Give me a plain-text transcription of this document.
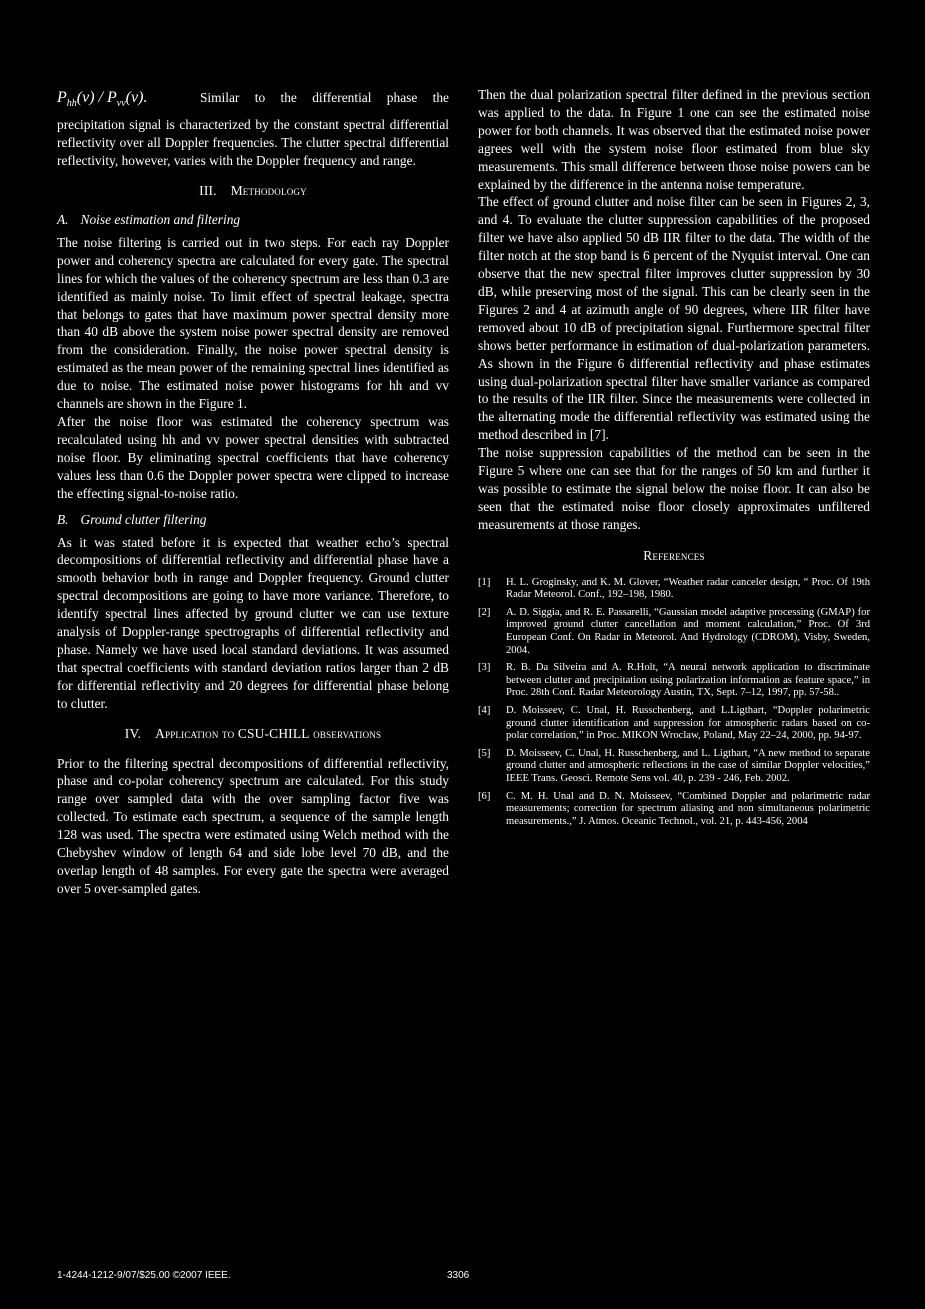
$P_{hh}(v) / P_{vv}(v)$.	Similar to the differential phase the

precipitation signal is characterized by the constant spectral differential reflectivity over all Doppler frequencies. The clutter spectral differential reflectivity, however, varies with the Doppler frequency and range.

III. Methodology
A. Noise estimation and filtering

The noise filtering is carried out in two steps. For each ray Doppler power and coherency spectra are calculated for every gate. The spectral lines for which the values of the coherency spectrum are less than 0.3 are identified as mainly noise. To limit effect of spectral leakage, spectra that belongs to gates that have maximum power spectral density more than 40 dB above the system noise power spectral density are removed from the consideration. Finally, the noise power spectral density is estimated as the mean power of the remaining spectral lines identified as due to noise. The estimated noise power histograms for hh and vv channels are shown in the Figure 1.

After the noise floor was estimated the coherency spectrum was recalculated using hh and vv power spectral densities with subtracted noise floor. By eliminating spectral coefficients that have coherency values less than 0.6 the Doppler power spectra were clipped to increase the effecting signal-to-noise ratio.

B. Ground clutter filtering

As it was stated before it is expected that weather echo’s spectral decompositions of differential reflectivity and differential phase have a smooth behavior both in range and Doppler frequency. Ground clutter spectral decompositions are going to have more variance. Therefore, to identify spectral lines affected by ground clutter we can use texture analysis of Doppler-range spectrographs of differential reflectivity and phase. Namely we have used local standard deviations. It was assumed that spectral coefficients with standard deviation ratios larger than 2 dB for differential reflectivity and 20 degrees for differential phase belong to clutter.

IV. Application to CSU-CHILL observations

Prior to the filtering spectral decompositions of differential reflectivity, phase and co-polar coherency spectrum are calculated. For this study range over sampled data with the over sampling factor five was collected. To estimate each spectrum, a sequence of the sample length 128 was used. The spectra were estimated using Welch method with the Chebyshev window of length 64 and side lobe level 70 dB, and the overlap length of 48 samples. For every gate the spectra were averaged over 5 over-sampled gates.

Then the dual polarization spectral filter defined in the previous section was applied to the data. In Figure 1 one can see the estimated noise power for both channels. It was observed that the estimated noise power agrees well with the system noise floor estimated from blue sky measurements. This small difference between those noise powers can be explained by the difference in the antenna noise temperature.

The effect of ground clutter and noise filter can be seen in Figures 2, 3, and 4. To evaluate the clutter suppression capabilities of the proposed filter we have also applied 50 dB IIR filter to the data. The width of the filter notch at the stop band is 6 percent of the Nyquist interval. One can observe that the new spectral filter improves clutter suppression by 30 dB, while preserving most of the signal. This can be clearly seen in the Figures 2 and 4 at azimuth angle of 90 degrees, where IIR filter have removed about 10 dB of precipitation signal. Furthermore spectral filter shows better performance in estimation of dual-polarization parameters. As shown in the Figure 6 differential reflectivity and phase estimates using dual-polarization spectral filter have smaller variance as compared to the results of the IIR filter. Since the measurements were collected in the alternating mode the differential reflectivity was estimated using the method described in [7].

The noise suppression capabilities of the method can be seen in the Figure 5 where one can see that for the ranges of 50 km and further it was possible to estimate the signal below the noise floor. It can also be seen that the estimated noise floor closely approximates unfiltered measurements at those ranges.

References
[1]	H. L. Groginsky, and K. M. Glover, “Weather radar canceler design, “ Proc. Of 19th Radar Meteorol. Conf., 192–198, 1980.
[2]	A. D. Siggia, and R. E. Passarelli, “Gaussian model adaptive processing (GMAP) for improved ground clutter cancellation and moment calculation,” Proc. Of 3rd European Conf. On Radar in Meteorol. And Hydrology (CDROM), Visby, Sweden, 2004.
[3]	R. B. Da Silveira and A. R.Holt, “A neural network application to discriminate between clutter and precipitation using polarization information as feature space,” in Proc. 28th Conf. Radar Meteorology Austin, TX, Sept. 7–12, 1997, pp. 57-58..
[4]	D. Moisseev, C. Unal, H. Russchenberg, and L.Ligthart, “Doppler polarimetric ground clutter identification and suppression for atmospheric radars based on co-polar correlation,” in Proc. MIKON Wroclaw, Poland, May 22–24, 2000, pp. 94-97.
[5]	D. Moisseev, C. Unal, H. Russchenberg, and L. Ligthart, “A new method to separate ground clutter and atmospheric reflections in the case of similar Doppler velocities,” IEEE Trans. Geosci. Remote Sens vol. 40, p. 239 - 246, Feb. 2002.
[6]	C. M. H. Unal and D. N. Moisseev, “Combined Doppler and polarimetric radar measurements; correction for spectrum aliasing and non simultaneous polarimetric measurements.,” J. Atmos. Oceanic Technol., vol. 21, p. 443-456, 2004
1-4244-1212-9/07/$25.00 ©2007 IEEE.	3306
